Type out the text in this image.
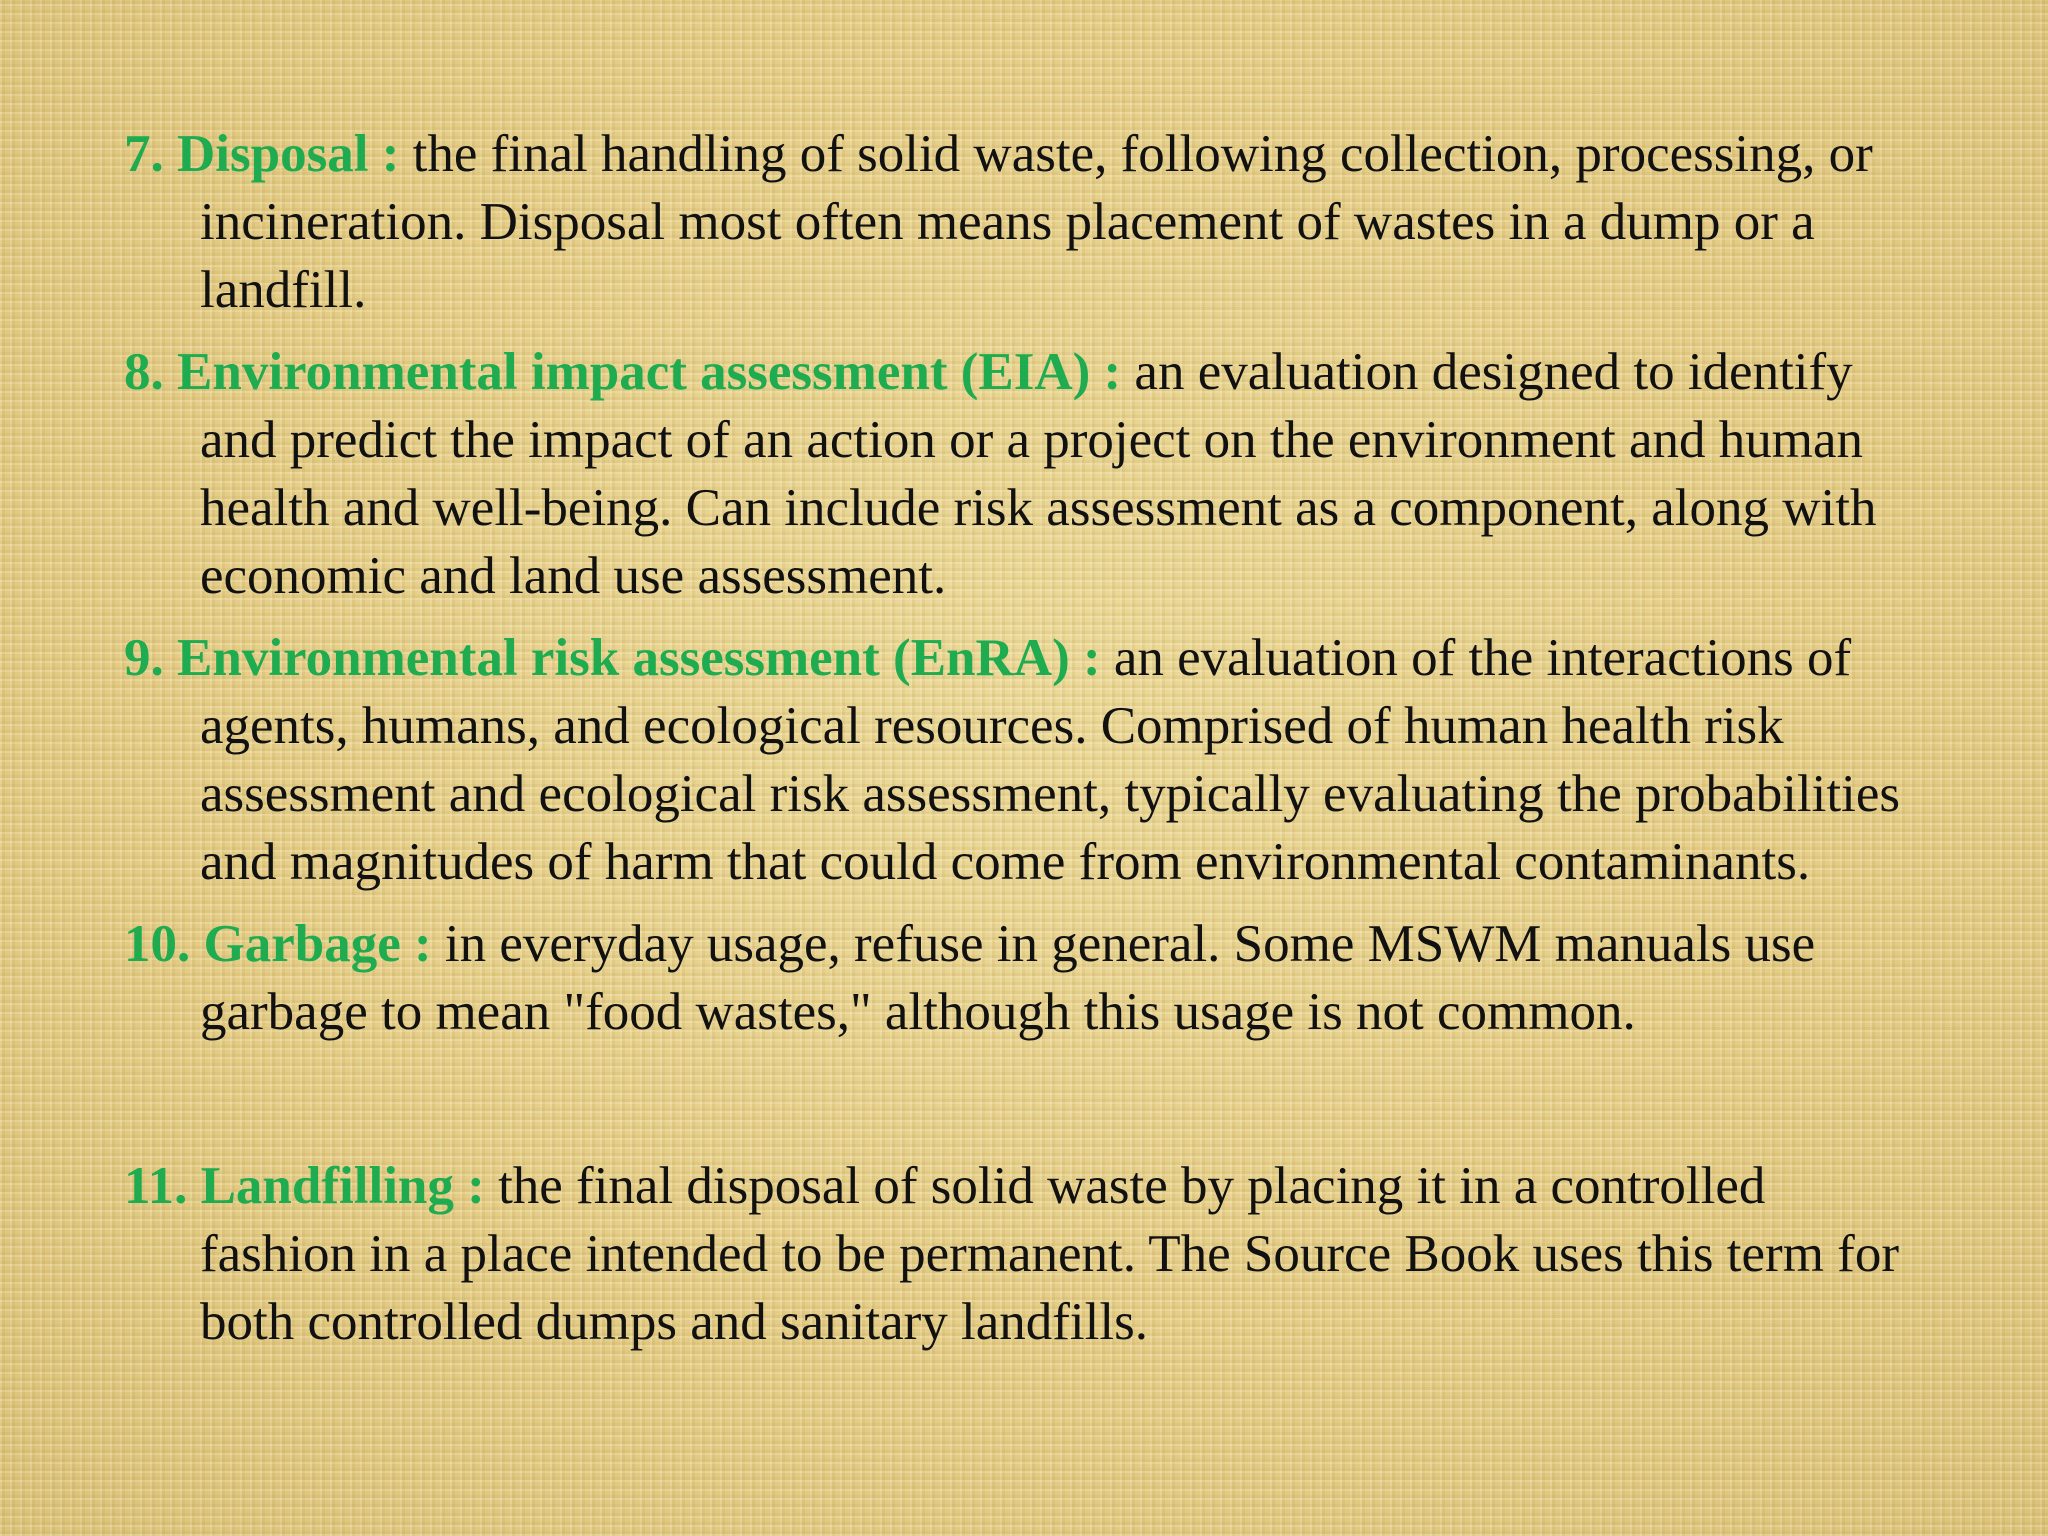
7. Disposal : the final handling of solid waste, following collection, processing, or incineration. Disposal most often means placement of wastes in a dump or a landfill.
8. Environmental impact assessment (EIA) : an evaluation designed to identify and predict the impact of an action or a project on the environment and human health and well-being. Can include risk assessment as a component, along with economic and land use assessment.
9. Environmental risk assessment (EnRA) : an evaluation of the interactions of agents, humans, and ecological resources. Comprised of human health risk assessment and ecological risk assessment, typically evaluating the probabilities and magnitudes of harm that could come from environmental contaminants.
10. Garbage : in everyday usage, refuse in general. Some MSWM manuals use garbage to mean "food wastes," although this usage is not common.
11. Landfilling : the final disposal of solid waste by placing it in a controlled fashion in a place intended to be permanent. The Source Book uses this term for both controlled dumps and sanitary landfills.
